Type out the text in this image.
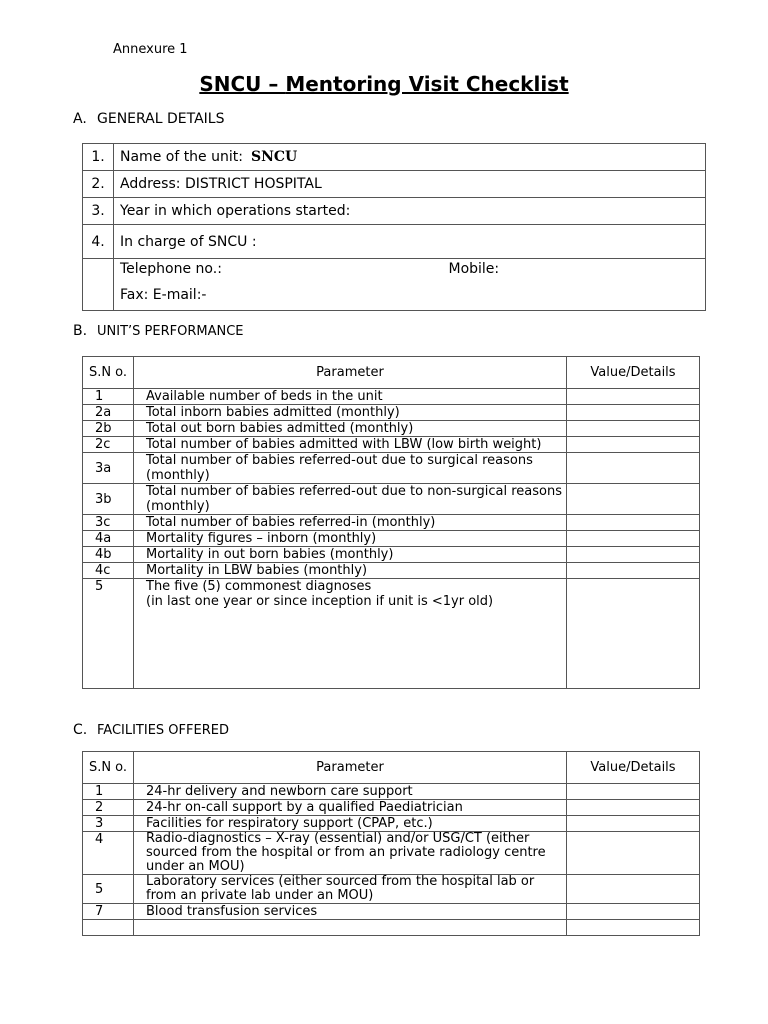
Annexure 1
SNCU – Mentoring Visit Checklist
A. GENERAL DETAILS
1.	Name of the unit: SNCU
2.	Address: DISTRICT HOSPITAL
3.	Year in which operations started:
4.	In charge of SNCU :

	Telephone no.: Mobile:
Fax: E-mail:-
B. UNIT’S PERFORMANCE
S.N o.	Parameter	Value/Details
1	Available number of beds in the unit	
2a	Total inborn babies admitted (monthly)	
2b	Total out born babies admitted (monthly)	
2c	Total number of babies admitted with LBW (low birth weight)	
3a	Total number of babies referred-out due to surgical reasons (monthly)	
3b	Total number of babies referred-out due to non-surgical reasons (monthly)	
3c	Total number of babies referred-in (monthly)	
4a	Mortality figures – inborn (monthly)	
4b	Mortality in out born babies (monthly)	
4c	Mortality in LBW babies (monthly)	
5	The five (5) commonest diagnoses
(in last one year or since inception if unit is <1yr old)	

C. FACILITIES OFFERED
S.N o.	Parameter	Value/Details
1	24-hr delivery and newborn care support	
2	24-hr on-call support by a qualified Paediatrician	
3	Facilities for respiratory support (CPAP, etc.)	
4	Radio-diagnostics – X-ray (essential) and/or USG/CT (either sourced from the hospital or from an private radiology centre under an MOU)	
5	Laboratory services (either sourced from the hospital lab or from an private lab under an MOU)	
7	Blood transfusion services	
